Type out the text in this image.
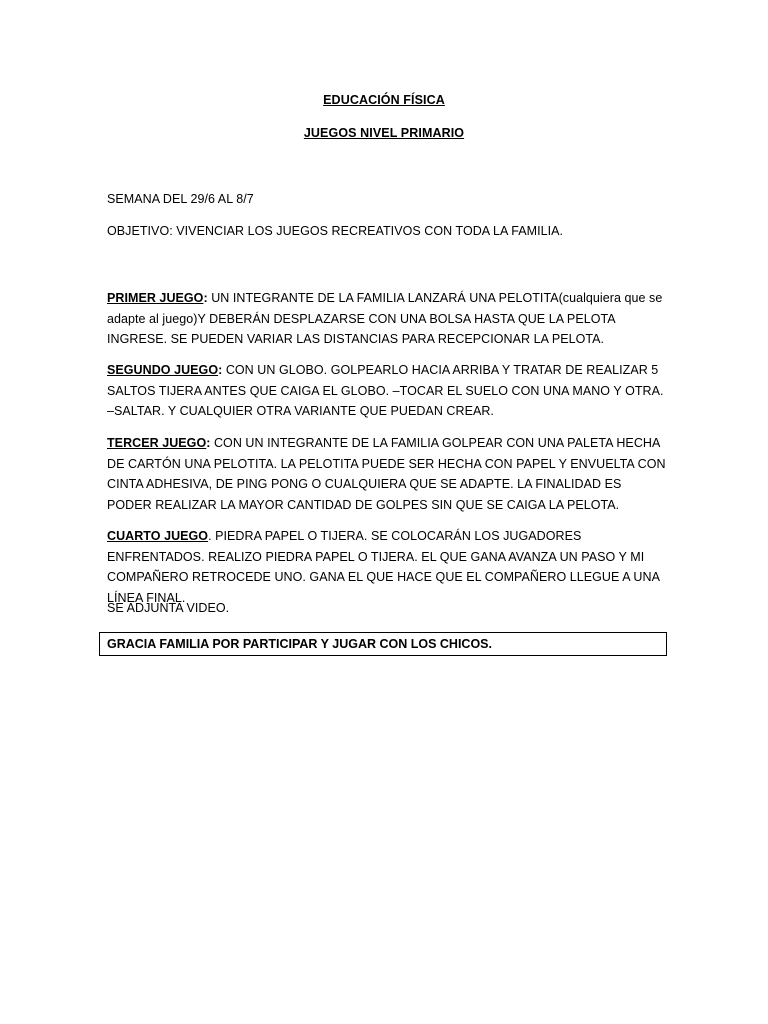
EDUCACIÓN FÍSICA
JUEGOS NIVEL PRIMARIO
SEMANA DEL 29/6 AL 8/7
OBJETIVO: VIVENCIAR LOS JUEGOS RECREATIVOS CON TODA LA FAMILIA.
PRIMER JUEGO: UN INTEGRANTE DE LA FAMILIA LANZARÁ UNA PELOTITA(cualquiera que se adapte al juego)Y DEBERÁN DESPLAZARSE CON UNA BOLSA HASTA QUE LA PELOTA INGRESE. SE PUEDEN VARIAR LAS DISTANCIAS PARA RECEPCIONAR LA PELOTA.
SEGUNDO JUEGO: CON UN GLOBO. GOLPEARLO HACIA ARRIBA Y TRATAR DE REALIZAR 5 SALTOS TIJERA ANTES QUE CAIGA EL GLOBO. –TOCAR EL SUELO CON UNA MANO Y OTRA. –SALTAR. Y CUALQUIER OTRA VARIANTE QUE PUEDAN CREAR.
TERCER JUEGO: CON UN INTEGRANTE DE LA FAMILIA GOLPEAR CON UNA PALETA HECHA DE CARTÓN UNA PELOTITA. LA PELOTITA PUEDE SER HECHA CON PAPEL Y ENVUELTA CON CINTA ADHESIVA, DE PING PONG O CUALQUIERA QUE SE ADAPTE. LA FINALIDAD ES PODER REALIZAR LA MAYOR CANTIDAD DE GOLPES SIN QUE SE CAIGA LA PELOTA.
CUARTO JUEGO. PIEDRA PAPEL O TIJERA. SE COLOCARÁN LOS JUGADORES ENFRENTADOS. REALIZO PIEDRA PAPEL O TIJERA. EL QUE GANA AVANZA UN PASO Y MI COMPAÑERO RETROCEDE UNO. GANA EL QUE HACE QUE EL COMPAÑERO LLEGUE A UNA LÍNEA FINAL.
SE ADJUNTA VIDEO.
GRACIA FAMILIA POR PARTICIPAR Y JUGAR CON LOS CHICOS.
